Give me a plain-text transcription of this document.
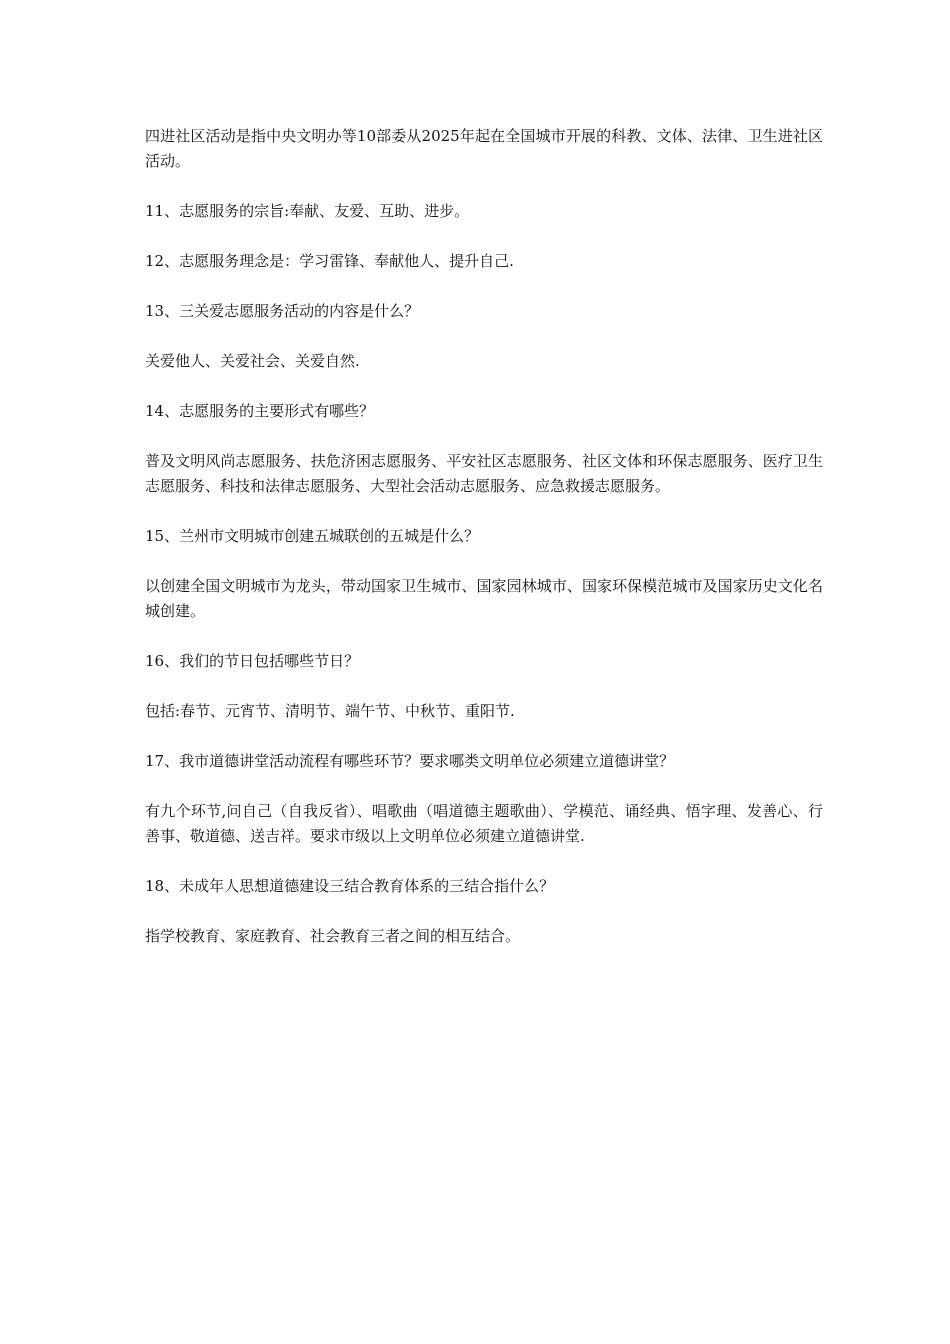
四进社区活动是指中央文明办等10部委从2025年起在全国城市开展的科教、文体、法律、卫生进社区活动。

11、志愿服务的宗旨:奉献、友爱、互助、进步。

12、志愿服务理念是：学习雷锋、奉献他人、提升自己.

13、三关爱志愿服务活动的内容是什么？

关爱他人、关爱社会、关爱自然.

14、志愿服务的主要形式有哪些？

普及文明风尚志愿服务、扶危济困志愿服务、平安社区志愿服务、社区文体和环保志愿服务、医疗卫生志愿服务、科技和法律志愿服务、大型社会活动志愿服务、应急救援志愿服务。

15、兰州市文明城市创建五城联创的五城是什么？

以创建全国文明城市为龙头，带动国家卫生城市、国家园林城市、国家环保模范城市及国家历史文化名城创建。

16、我们的节日包括哪些节日？

包括:春节、元宵节、清明节、端午节、中秋节、重阳节.

17、我市道德讲堂活动流程有哪些环节？要求哪类文明单位必须建立道德讲堂？

有九个环节,问自己（自我反省）、唱歌曲（唱道德主题歌曲）、学模范、诵经典、悟字理、发善心、行善事、敬道德、送吉祥。要求市级以上文明单位必须建立道德讲堂.

18、未成年人思想道德建设三结合教育体系的三结合指什么？

指学校教育、家庭教育、社会教育三者之间的相互结合。
